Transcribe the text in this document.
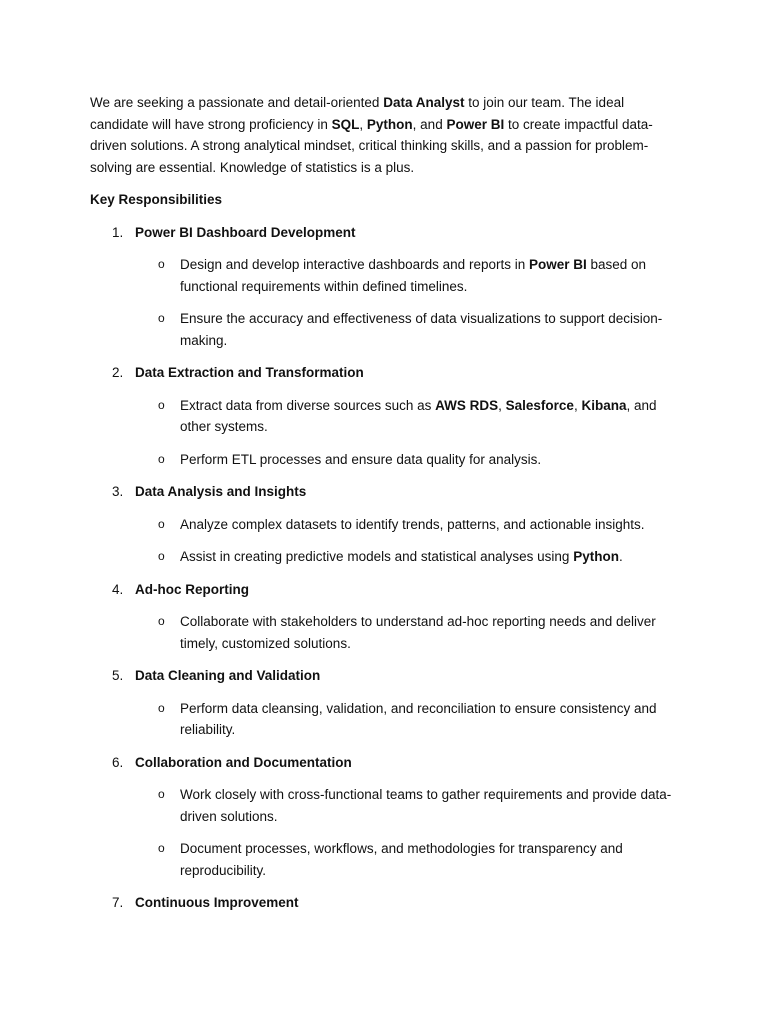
We are seeking a passionate and detail-oriented Data Analyst to join our team. The ideal candidate will have strong proficiency in SQL, Python, and Power BI to create impactful data-driven solutions. A strong analytical mindset, critical thinking skills, and a passion for problem-solving are essential. Knowledge of statistics is a plus.

Key Responsibilities
1. Power BI Dashboard Development
o Design and develop interactive dashboards and reports in Power BI based on functional requirements within defined timelines.
o Ensure the accuracy and effectiveness of data visualizations to support decision-making.
2. Data Extraction and Transformation
o Extract data from diverse sources such as AWS RDS, Salesforce, Kibana, and other systems.
o Perform ETL processes and ensure data quality for analysis.
3. Data Analysis and Insights
o Analyze complex datasets to identify trends, patterns, and actionable insights.
o Assist in creating predictive models and statistical analyses using Python.
4. Ad-hoc Reporting
o Collaborate with stakeholders to understand ad-hoc reporting needs and deliver timely, customized solutions.
5. Data Cleaning and Validation
o Perform data cleansing, validation, and reconciliation to ensure consistency and reliability.
6. Collaboration and Documentation
o Work closely with cross-functional teams to gather requirements and provide data-driven solutions.
o Document processes, workflows, and methodologies for transparency and reproducibility.
7. Continuous Improvement
